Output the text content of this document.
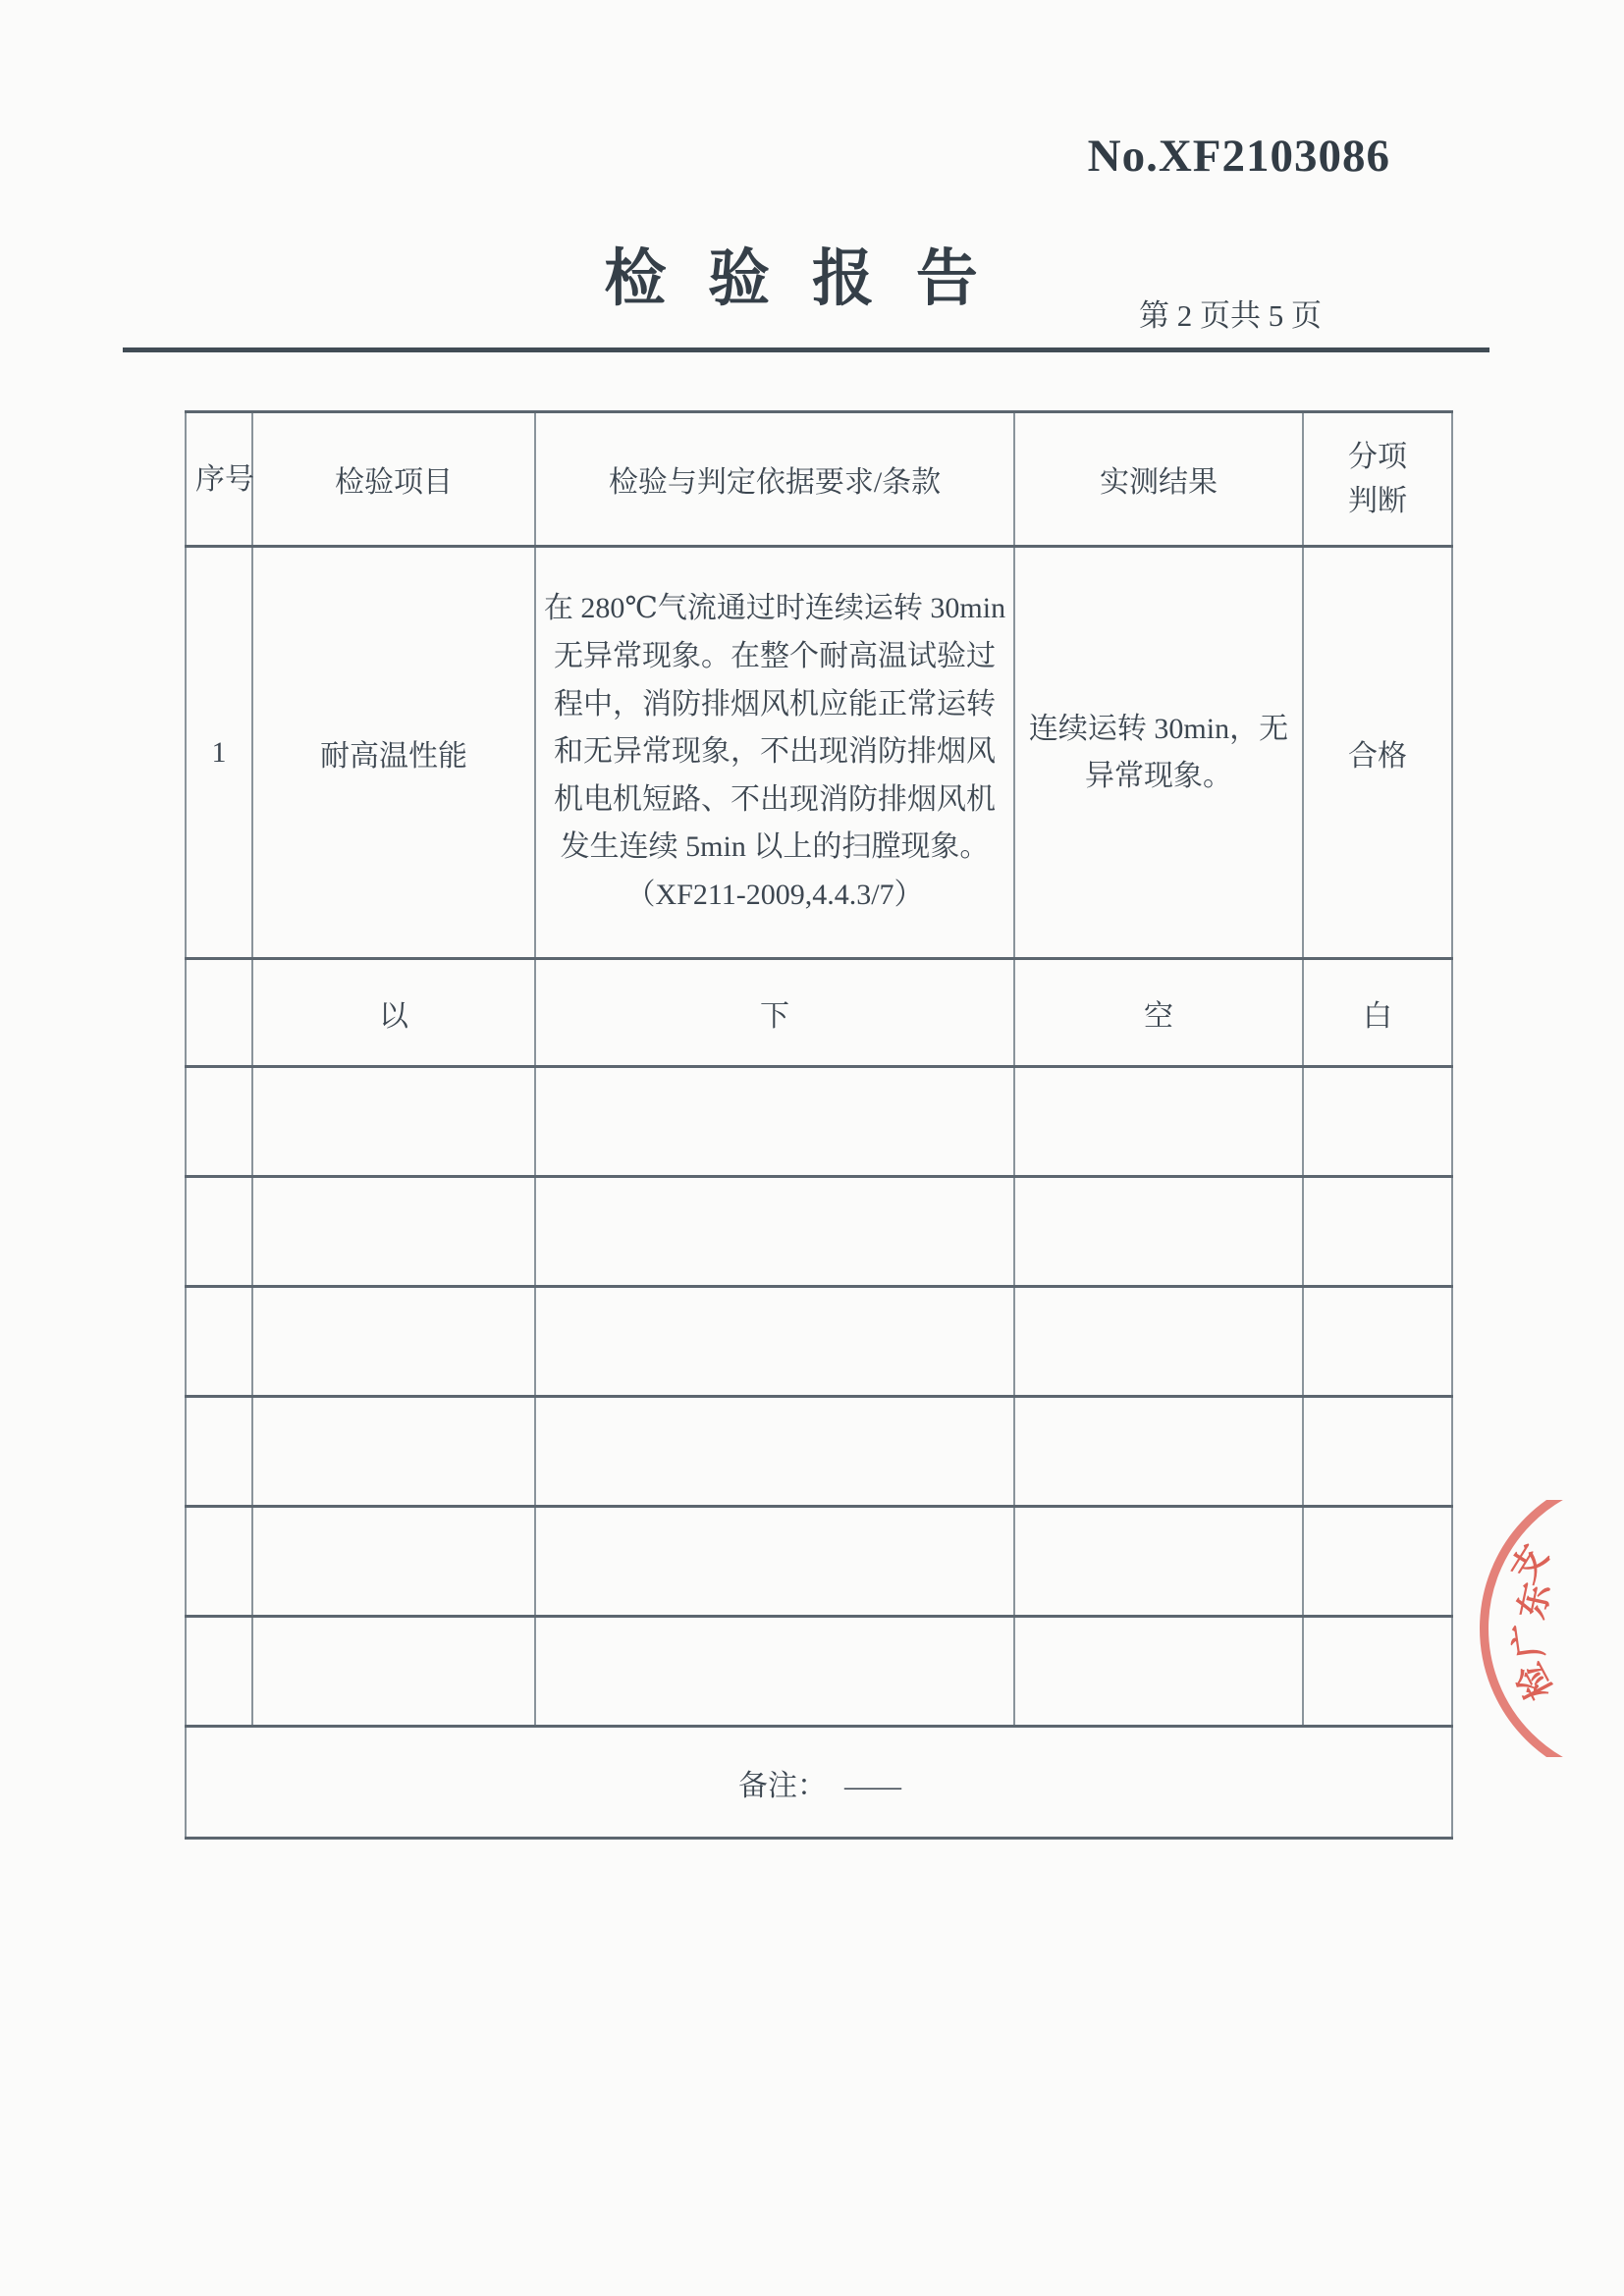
No.XF2103086
检验报告
第 2 页共 5 页
序号	检验项目	检验与判定依据要求/条款	实测结果	分项判断
1	耐高温性能	在 280℃气流通过时连续运转 30min 无异常现象。在整个耐高温试验过程中，消防排烟风机应能正常运转和无异常现象，不出现消防排烟风机电机短路、不出现消防排烟风机发生连续 5min 以上的扫膛现象。（XF211-2009,4.4.3/7）	连续运转 30min，无异常现象。	合格
	以	下	空	白

备注： ——				
支
东
广
检
